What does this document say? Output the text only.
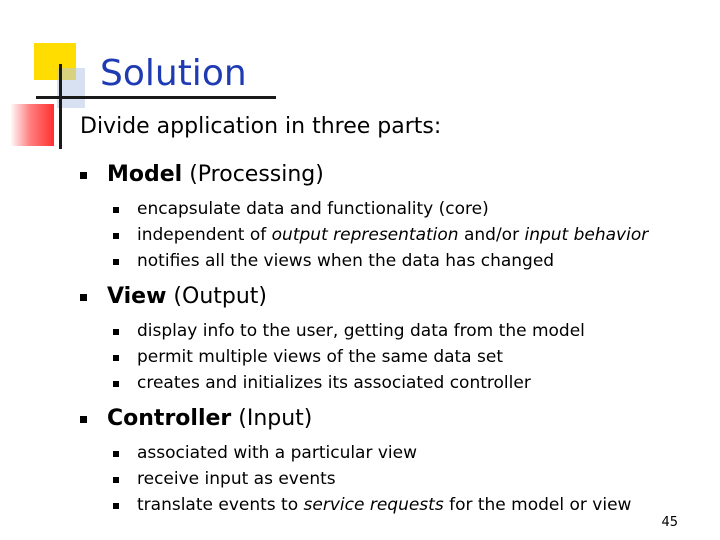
Solution
Divide application in three parts:
Model (Processing)
encapsulate data and functionality (core)
independent of output representation and/or input behavior
notifies all the views when the data has changed
View (Output)
display info to the user, getting data from the model
permit multiple views of the same data set
creates and initializes its associated controller
Controller (Input)
associated with a particular view
receive input as events
translate events to service requests for the model or view
45
